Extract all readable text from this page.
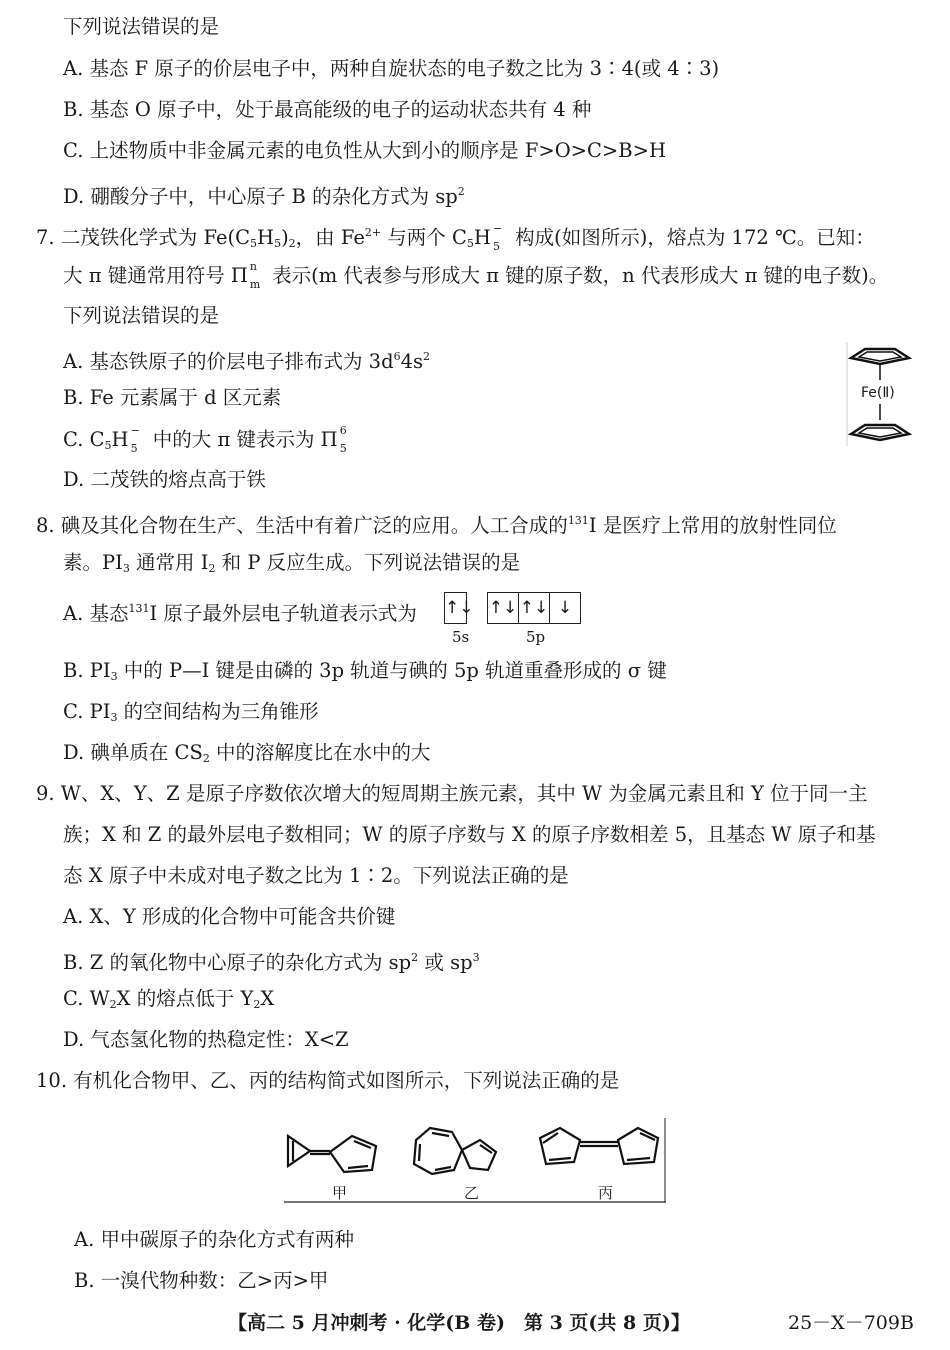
下列说法错误的是
A. 基态 F 原子的价层电子中，两种自旋状态的电子数之比为 3∶4(或 4∶3)
B. 基态 O 原子中，处于最高能级的电子的运动状态共有 4 种
C. 上述物质中非金属元素的电负性从大到小的顺序是 F>O>C>B>H
D. 硼酸分子中，中心原子 B 的杂化方式为 $sp^2$
7. 二茂铁化学式为 $Fe(C_5H_5)_2$，由 $Fe^{2+}$ 与两个 $C_5H$ −
5 构成(如图所示)，熔点为 172 ℃。已知：
大 π 键通常用符号 Π n
m 表示(m 代表参与形成大 π 键的原子数，n 代表形成大 π 键的电子数)。
下列说法错误的是
A. 基态铁原子的价层电子排布式为 $3d^64s^2$
B. Fe 元素属于 d 区元素
C. $C_5H$ −
5 中的大 π 键表示为 Π 6
5
D. 二茂铁的熔点高于铁
Fe(Ⅱ)
8. 碘及其化合物在生产、生活中有着广泛的应用。人工合成的$^{131}$I 是医疗上常用的放射性同位
素。$PI_3$ 通常用 $I_2$ 和 P 反应生成。下列说法错误的是
A. 基态$^{131}$I 原子最外层电子轨道表示式为 ↑↓ ↑↓ ↑↓ ↓
5s	5p
B. $PI_3$ 中的 P—I 键是由磷的 3p 轨道与碘的 5p 轨道重叠形成的 σ 键
C. $PI_3$ 的空间结构为三角锥形
D. 碘单质在 $CS_2$ 中的溶解度比在水中的大
9. W、X、Y、Z 是原子序数依次增大的短周期主族元素，其中 W 为金属元素且和 Y 位于同一主
族；X 和 Z 的最外层电子数相同；W 的原子序数与 X 的原子序数相差 5，且基态 W 原子和基
态 X 原子中未成对电子数之比为 1∶2。下列说法正确的是
A. X、Y 形成的化合物中可能含共价键
B. Z 的氧化物中心原子的杂化方式为 $sp^2$ 或 $sp^3$
C. $W_2X$ 的熔点低于 $Y_2X$
D. 气态氢化物的热稳定性：X<Z
10. 有机化合物甲、乙、丙的结构简式如图所示，下列说法正确的是
甲	乙	丙
A. 甲中碳原子的杂化方式有两种
B. 一溴代物种数：乙>丙>甲
【高二 5 月冲刺考 · 化学(B 卷)　第 3 页(共 8 页)】	25－X－709B
